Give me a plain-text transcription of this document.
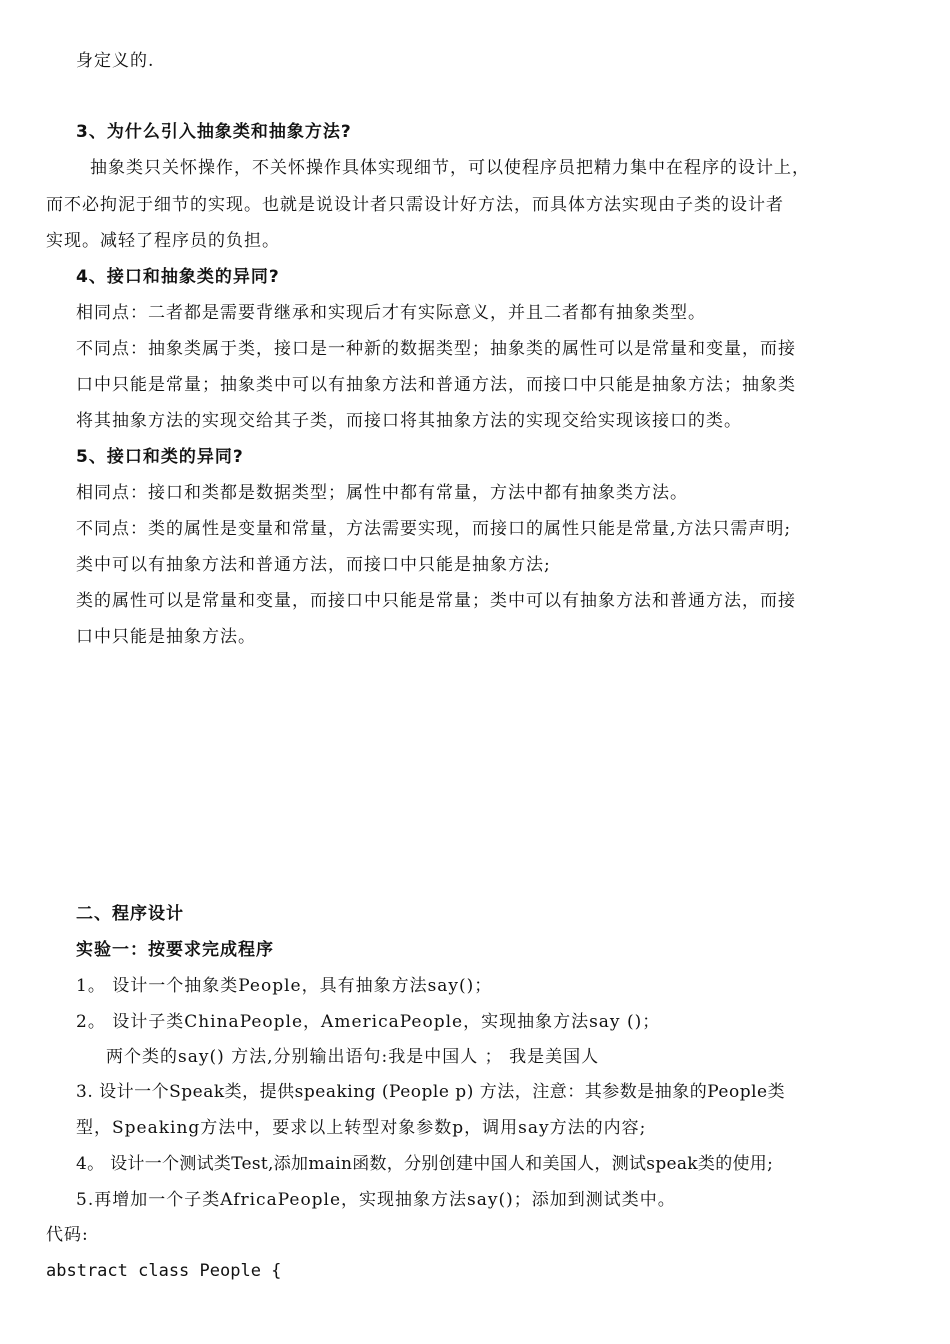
身定义的.
3、为什么引入抽象类和抽象方法?
抽象类只关怀操作，不关怀操作具体实现细节，可以使程序员把精力集中在程序的设计上，
而不必拘泥于细节的实现。也就是说设计者只需设计好方法，而具体方法实现由子类的设计者
实现。减轻了程序员的负担。
4、接口和抽象类的异同?
相同点：二者都是需要背继承和实现后才有实际意义，并且二者都有抽象类型。
不同点：抽象类属于类，接口是一种新的数据类型；抽象类的属性可以是常量和变量，而接
口中只能是常量；抽象类中可以有抽象方法和普通方法，而接口中只能是抽象方法；抽象类
将其抽象方法的实现交给其子类，而接口将其抽象方法的实现交给实现该接口的类。
5、接口和类的异同?
相同点：接口和类都是数据类型；属性中都有常量，方法中都有抽象类方法。
不同点：类的属性是变量和常量，方法需要实现，而接口的属性只能是常量,方法只需声明;
类中可以有抽象方法和普通方法，而接口中只能是抽象方法;
类的属性可以是常量和变量，而接口中只能是常量；类中可以有抽象方法和普通方法，而接
口中只能是抽象方法。
二、程序设计
实验一：按要求完成程序
1。 设计一个抽象类People，具有抽象方法say()；
2。 设计子类ChinaPeople，AmericaPeople，实现抽象方法say ()；
两个类的say() 方法,分别输出语句:我是中国人 ； 我是美国人
3. 设计一个Speak类，提供speaking (People p) 方法，注意：其参数是抽象的People类
型，Speaking方法中，要求以上转型对象参数p，调用say方法的内容;
4。 设计一个测试类Test,添加main函数，分别创建中国人和美国人，测试speak类的使用;
5.再增加一个子类AfricaPeople，实现抽象方法say()；添加到测试类中。
代码:
abstract class People {
